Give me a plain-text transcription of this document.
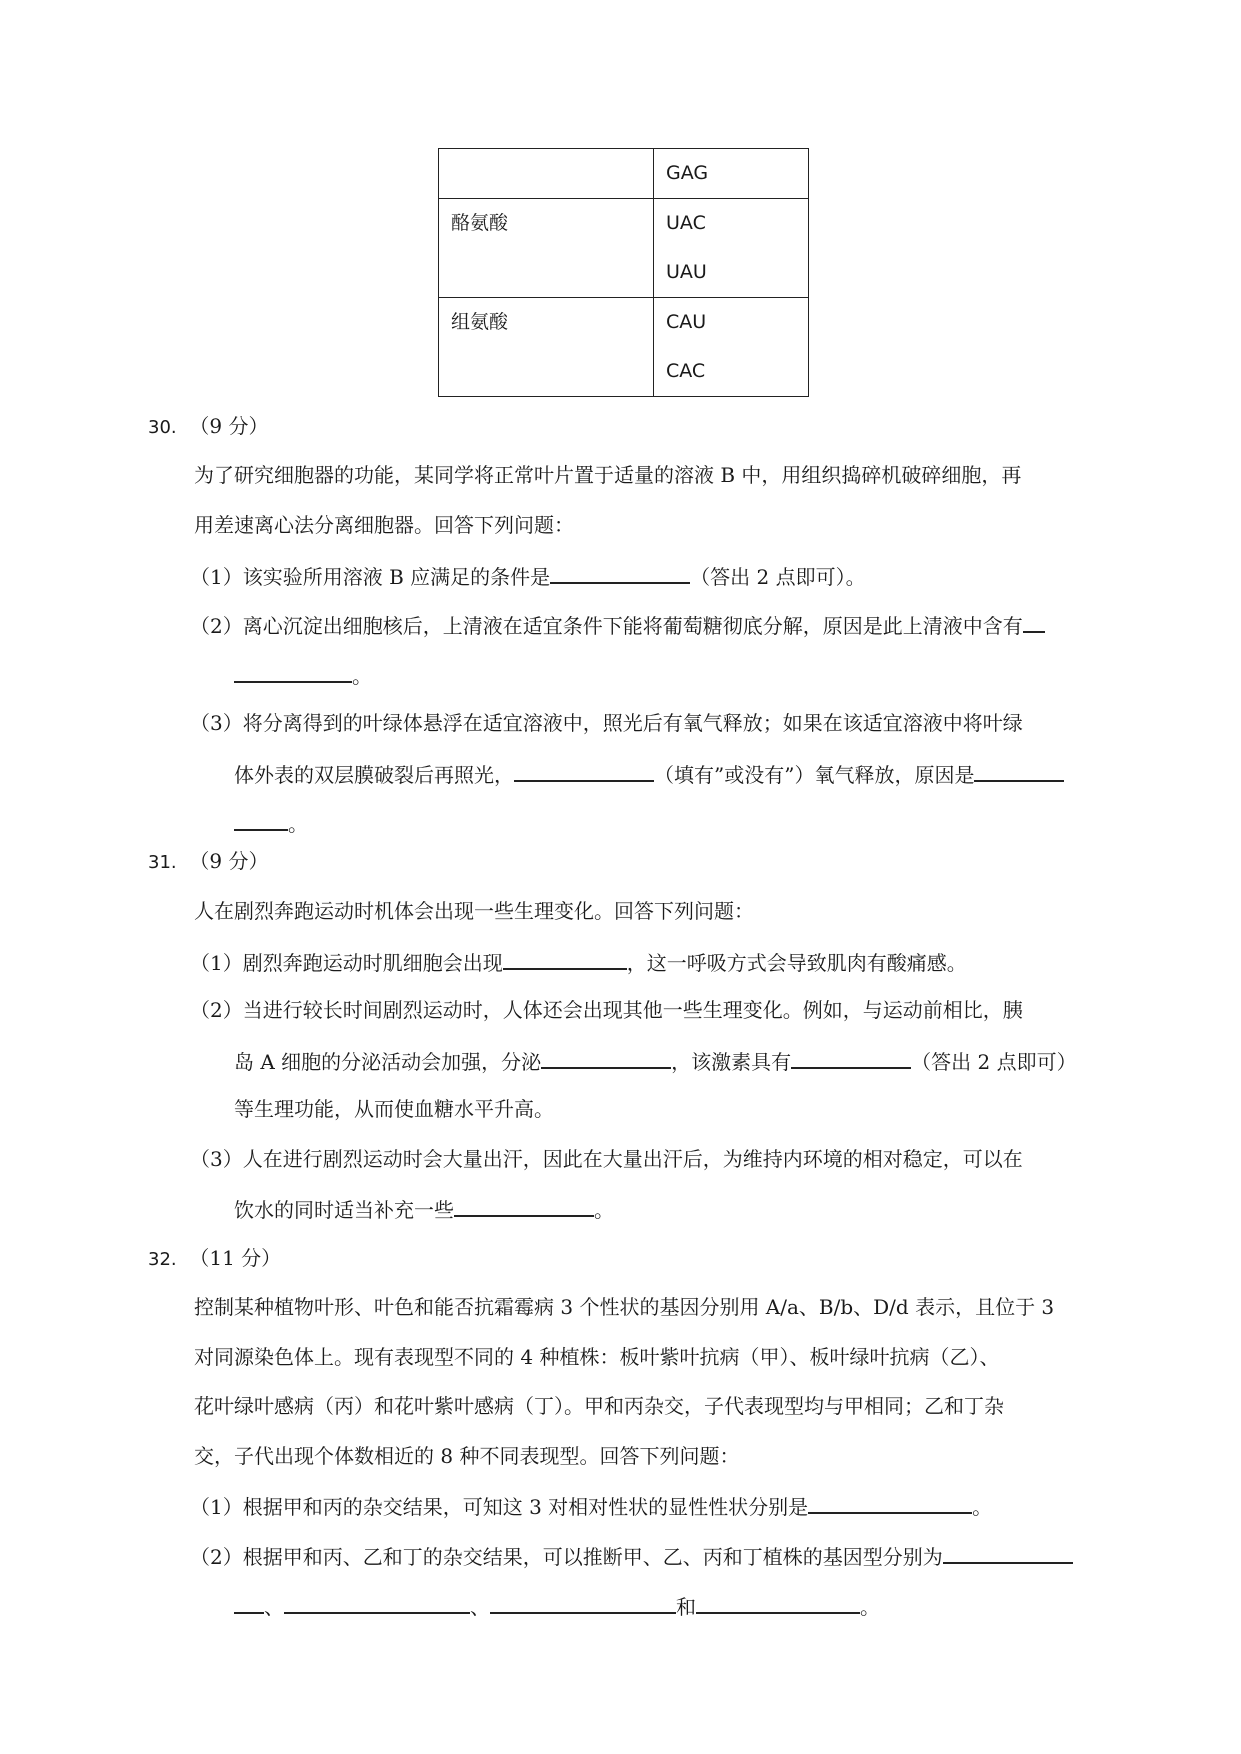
	GAG

酪氨酸	UAC
UAU

组氨酸	CAU
CAC
30. （9 分）
为了研究细胞器的功能，某同学将正常叶片置于适量的溶液 B 中，用组织捣碎机破碎细胞，再
用差速离心法分离细胞器。回答下列问题：
（1）该实验所用溶液 B 应满足的条件是	（答出 2 点即可）。
（2）离心沉淀出细胞核后，上清液在适宜条件下能将葡萄糖彻底分解，原因是此上清液中含有
。
（3）将分离得到的叶绿体悬浮在适宜溶液中，照光后有氧气释放；如果在该适宜溶液中将叶绿
体外表的双层膜破裂后再照光，	（填有”或没有”）氧气释放，原因是
。
31. （9 分）
人在剧烈奔跑运动时机体会出现一些生理变化。回答下列问题：
（1）剧烈奔跑运动时肌细胞会出现	，这一呼吸方式会导致肌肉有酸痛感。
（2）当进行较长时间剧烈运动时，人体还会出现其他一些生理变化。例如，与运动前相比，胰
岛 A 细胞的分泌活动会加强，分泌	，该激素具有	（答出 2 点即可）
等生理功能，从而使血糖水平升高。
（3）人在进行剧烈运动时会大量出汗，因此在大量出汗后，为维持内环境的相对稳定，可以在
饮水的同时适当补充一些	。
32. （11 分）
控制某种植物叶形、叶色和能否抗霜霉病 3 个性状的基因分别用 A/a、B/b、D/d 表示，且位于 3
对同源染色体上。现有表现型不同的 4 种植株：板叶紫叶抗病（甲）、板叶绿叶抗病（乙）、
花叶绿叶感病（丙）和花叶紫叶感病（丁）。甲和丙杂交，子代表现型均与甲相同；乙和丁杂
交，子代出现个体数相近的 8 种不同表现型。回答下列问题：
（1）根据甲和丙的杂交结果，可知这 3 对相对性状的显性性状分别是	。
（2）根据甲和丙、乙和丁的杂交结果，可以推断甲、乙、丙和丁植株的基因型分别为
、	、	和	。
